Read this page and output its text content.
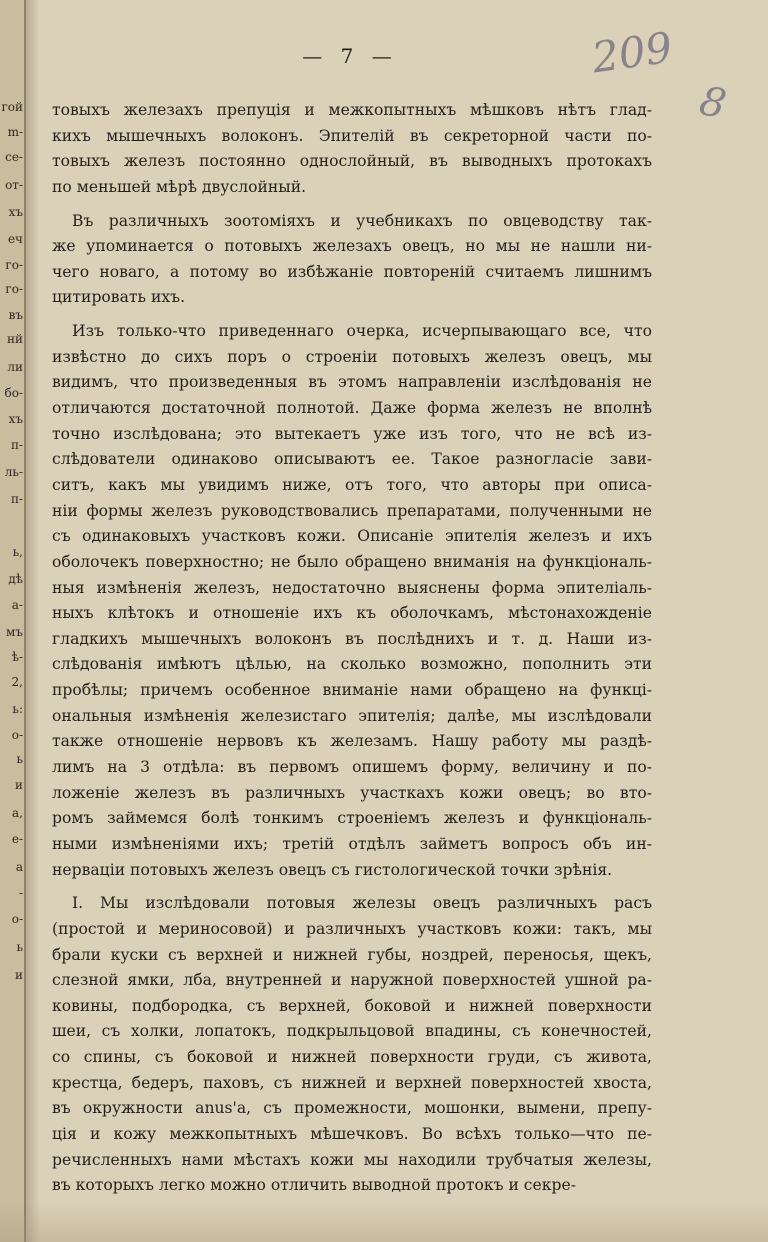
гой
m-
се-
от-
хъ
еч
го-
го-
въ
нй
ли
бо-
хъ
п-
ль-
п-
ь,
дѣ
а-
мъ
ѣ-
2,
ь:
о-
ь
и
а,
е-
а
-
о-
ь
и
— 7 —	209
8
товыхъ железахъ препуція и межкопытныхъ мѣшковъ нѣтъ глад-
кихъ мышечныхъ волоконъ. Эпителій въ секреторной части по-
товыхъ железъ постоянно однослойный, въ выводныхъ протокахъ
по меньшей мѣрѣ двуслойный.
Въ различныхъ зоотоміяхъ и учебникахъ по овцеводству так-
же упоминается о потовыхъ железахъ овецъ, но мы не нашли ни-
чего новаго, а потому во избѣжаніе повтореній считаемъ лишнимъ
цитировать ихъ.
Изъ только-что приведеннаго очерка, исчерпывающаго все, что
извѣстно до сихъ поръ о строеніи потовыхъ железъ овецъ, мы
видимъ, что произведенныя въ этомъ направленіи изслѣдованія не
отличаются достаточной полнотой. Даже форма железъ не вполнѣ
точно изслѣдована; это вытекаетъ уже изъ того, что не всѣ из-
слѣдователи одинаково описываютъ ее. Такое разногласіе зави-
ситъ, какъ мы увидимъ ниже, отъ того, что авторы при описа-
ніи формы железъ руководствовались препаратами, полученными не
съ одинаковыхъ участковъ кожи. Описаніе эпителія железъ и ихъ
оболочекъ поверхностно; не было обращено вниманія на функціональ-
ныя измѣненія железъ, недостаточно выяснены форма эпителіаль-
ныхъ клѣтокъ и отношеніе ихъ къ оболочкамъ, мѣстонахожденіе
гладкихъ мышечныхъ волоконъ въ послѣднихъ и т. д. Наши из-
слѣдованія имѣютъ цѣлью, на сколько возможно, пополнить эти
пробѣлы; причемъ особенное вниманіе нами обращено на функці-
ональныя измѣненія железистаго эпителія; далѣе, мы изслѣдовали
также отношеніе нервовъ къ железамъ. Нашу работу мы раздѣ-
лимъ на 3 отдѣла: въ первомъ опишемъ форму, величину и по-
ложеніе железъ въ различныхъ участкахъ кожи овецъ; во вто-
ромъ займемся болѣ тонкимъ строеніемъ железъ и функціональ-
ными измѣненіями ихъ; третій отдѣлъ займетъ вопросъ объ ин-
нерваціи потовыхъ железъ овецъ съ гистологической точки зрѣнія.
I. Мы изслѣдовали потовыя железы овецъ различныхъ расъ
(простой и мериносовой) и различныхъ участковъ кожи: такъ, мы
брали куски съ верхней и нижней губы, ноздрей, переносья, щекъ,
слезной ямки, лба, внутренней и наружной поверхностей ушной ра-
ковины, подбородка, съ верхней, боковой и нижней поверхности
шеи, съ холки, лопатокъ, подкрыльцовой впадины, съ конечностей,
со спины, съ боковой и нижней поверхности груди, съ живота,
крестца, бедеръ, паховъ, съ нижней и верхней поверхностей хвоста,
въ окружности anus'а, съ промежности, мошонки, вымени, препу-
ція и кожу межкопытныхъ мѣшечковъ. Во всѣхъ только—что пе-
речисленныхъ нами мѣстахъ кожи мы находили трубчатыя железы,
въ которыхъ легко можно отличить выводной протокъ и секре-
